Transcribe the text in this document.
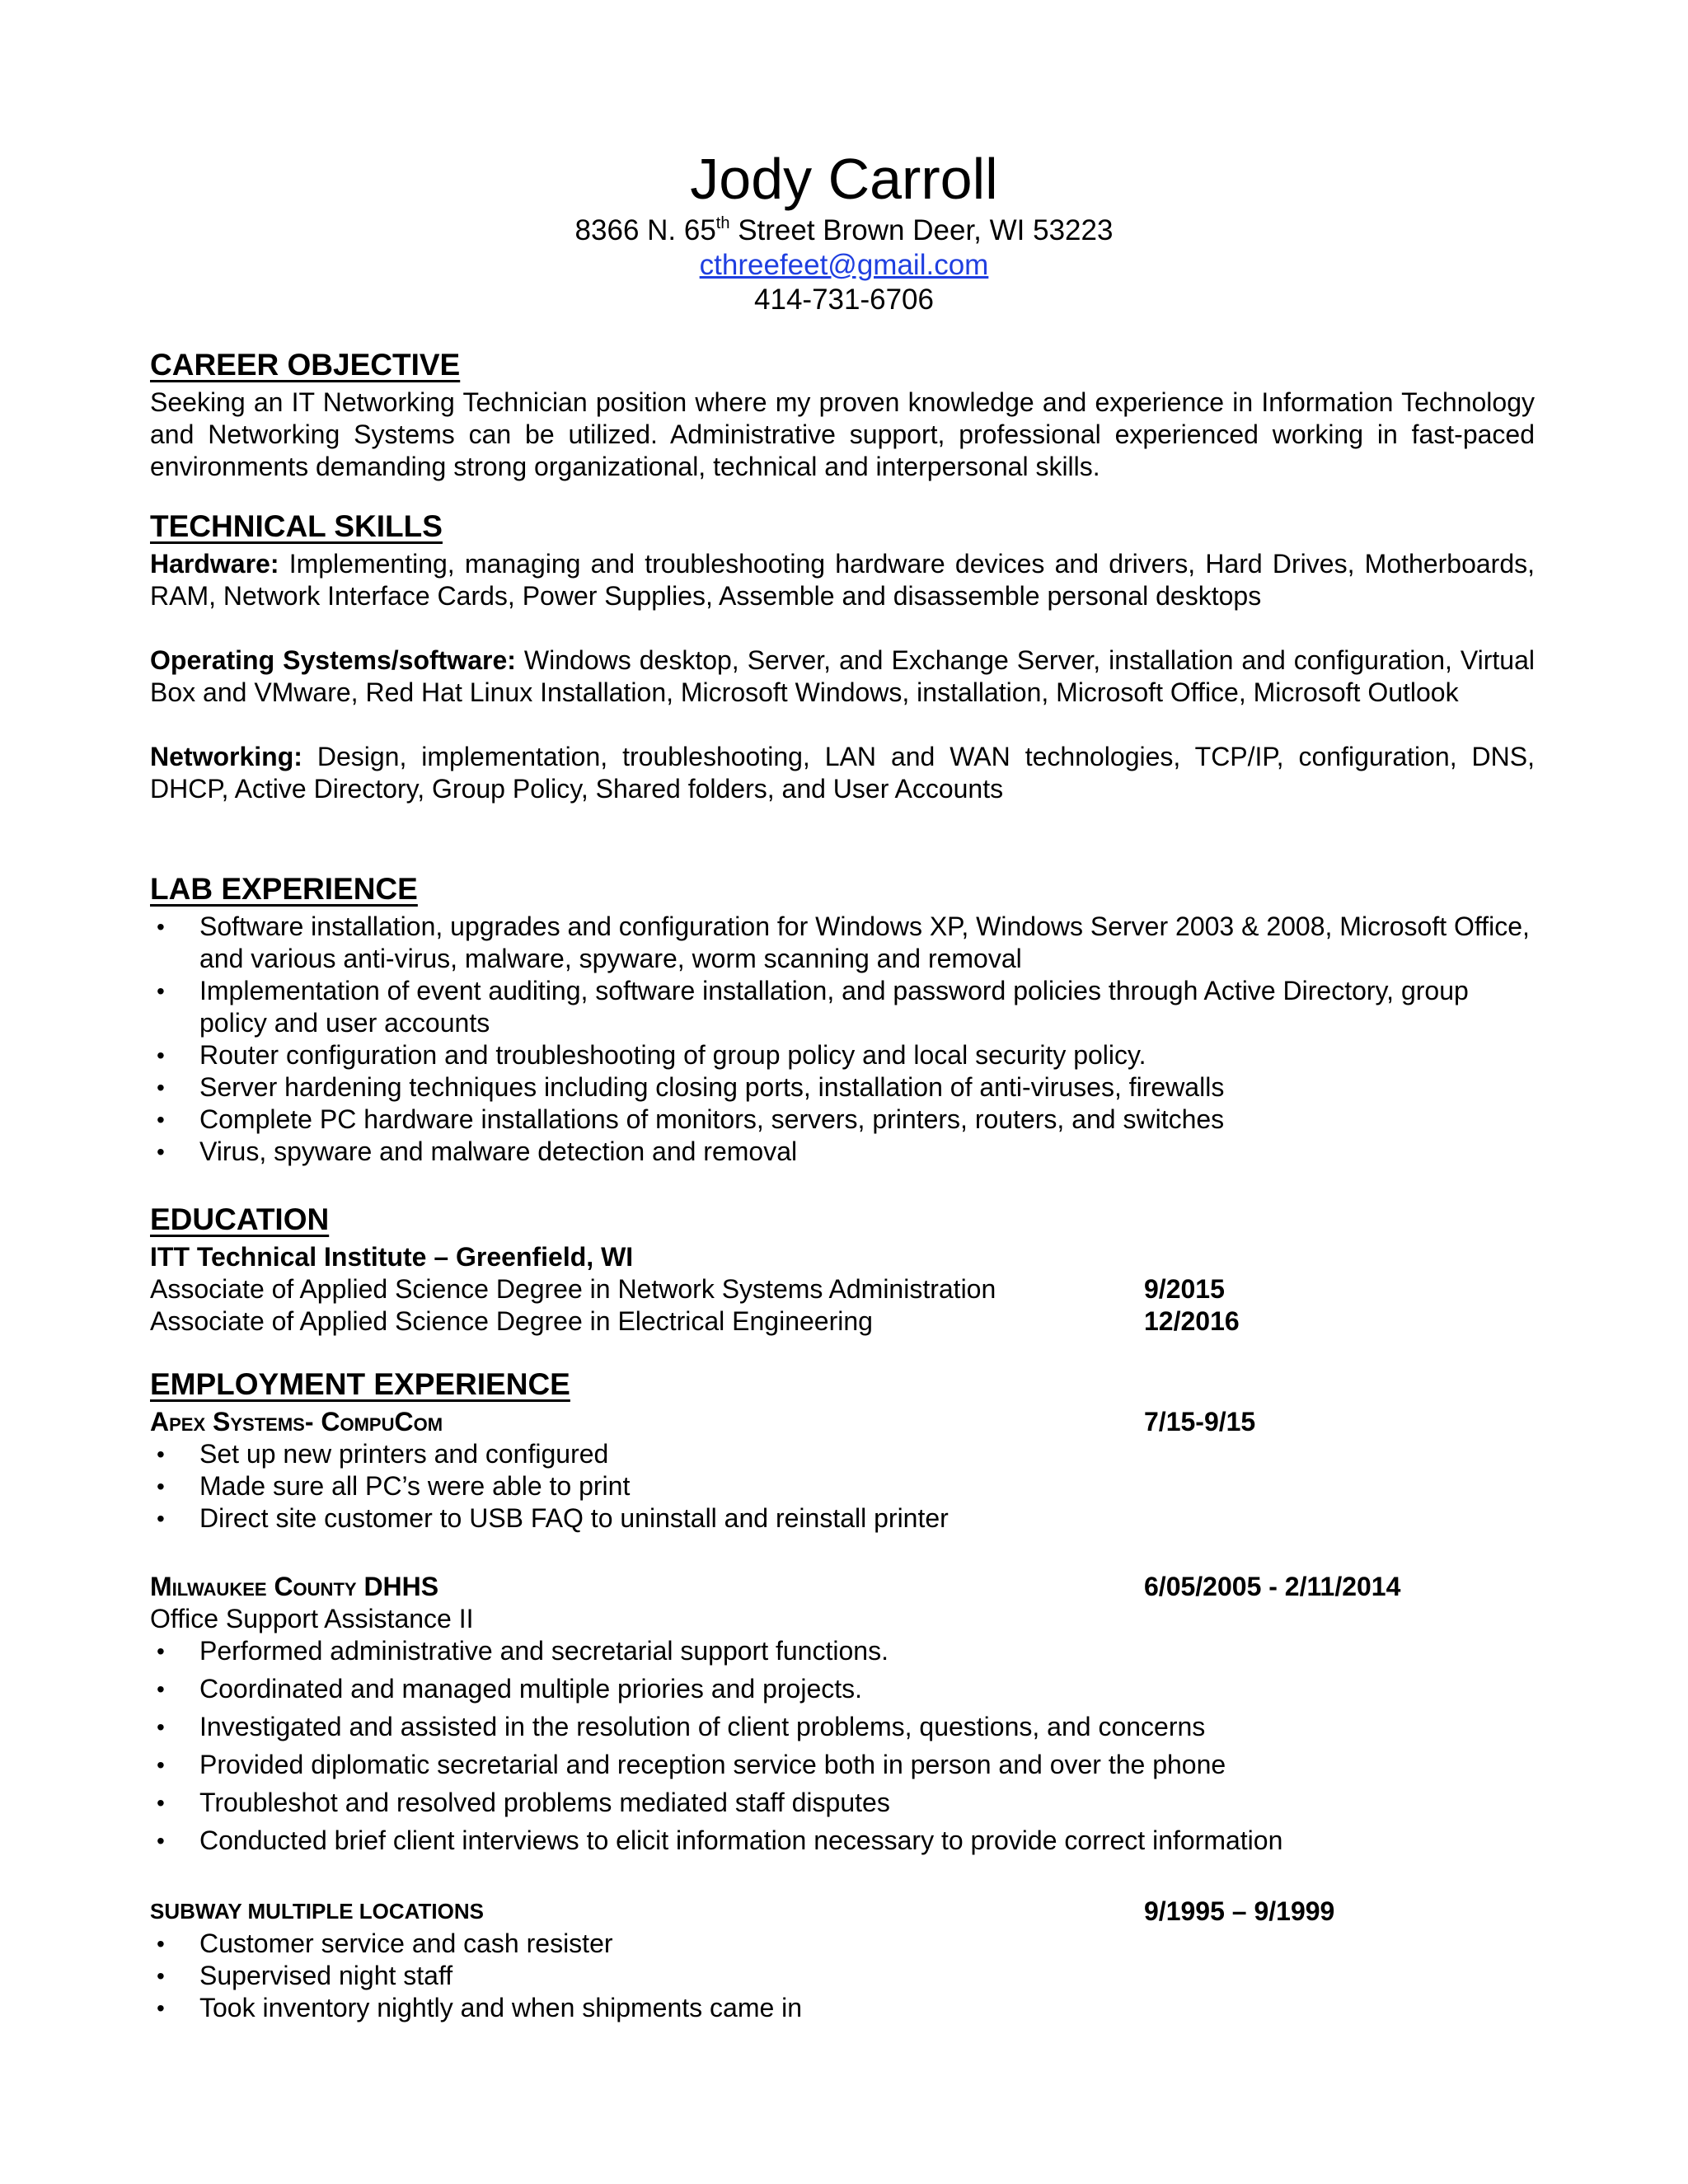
Jody Carroll
8366 N. 65th Street Brown Deer, WI 53223
cthreefeet@gmail.com
414-731-6706
CAREER OBJECTIVE

Seeking an IT Networking Technician position where my proven knowledge and experience in Information Technology and Networking Systems can be utilized. Administrative support, professional experienced working in fast-paced environments demanding strong organizational, technical and interpersonal skills.

TECHNICAL SKILLS

Hardware: Implementing, managing and troubleshooting hardware devices and drivers, Hard Drives, Motherboards, RAM, Network Interface Cards, Power Supplies, Assemble and disassemble personal desktops

Operating Systems/software: Windows desktop, Server, and Exchange Server, installation and configuration, Virtual Box and VMware, Red Hat Linux Installation, Microsoft Windows, installation, Microsoft Office, Microsoft Outlook

Networking: Design, implementation, troubleshooting, LAN and WAN technologies, TCP/IP, configuration, DNS, DHCP, Active Directory, Group Policy, Shared folders, and User Accounts

LAB EXPERIENCE
• Software installation, upgrades and configuration for Windows XP, Windows Server 2003 & 2008, Microsoft Office, and various anti-virus, malware, spyware, worm scanning and removal
• Implementation of event auditing, software installation, and password policies through Active Directory, group policy and user accounts
• Router configuration and troubleshooting of group policy and local security policy.
• Server hardening techniques including closing ports, installation of anti-viruses, firewalls
• Complete PC hardware installations of monitors, servers, printers, routers, and switches
• Virus, spyware and malware detection and removal
EDUCATION
ITT Technical Institute – Greenfield, WI
Associate of Applied Science Degree in Network Systems Administration	9/2015
Associate of Applied Science Degree in Electrical Engineering	12/2016
EMPLOYMENT EXPERIENCE
Apex Systems- CompuCom	7/15-9/15
• Set up new printers and configured
• Made sure all PC’s were able to print
• Direct site customer to USB FAQ to uninstall and reinstall printer
Milwaukee County DHHS	6/05/2005 - 2/11/2014
Office Support Assistance II
• Performed administrative and secretarial support functions.
• Coordinated and managed multiple priories and projects.
• Investigated and assisted in the resolution of client problems, questions, and concerns
• Provided diplomatic secretarial and reception service both in person and over the phone
• Troubleshot and resolved problems mediated staff disputes
• Conducted brief client interviews to elicit information necessary to provide correct information
SUBWAY MULTIPLE LOCATIONS	9/1995 – 9/1999
• Customer service and cash resister
• Supervised night staff
• Took inventory nightly and when shipments came in
